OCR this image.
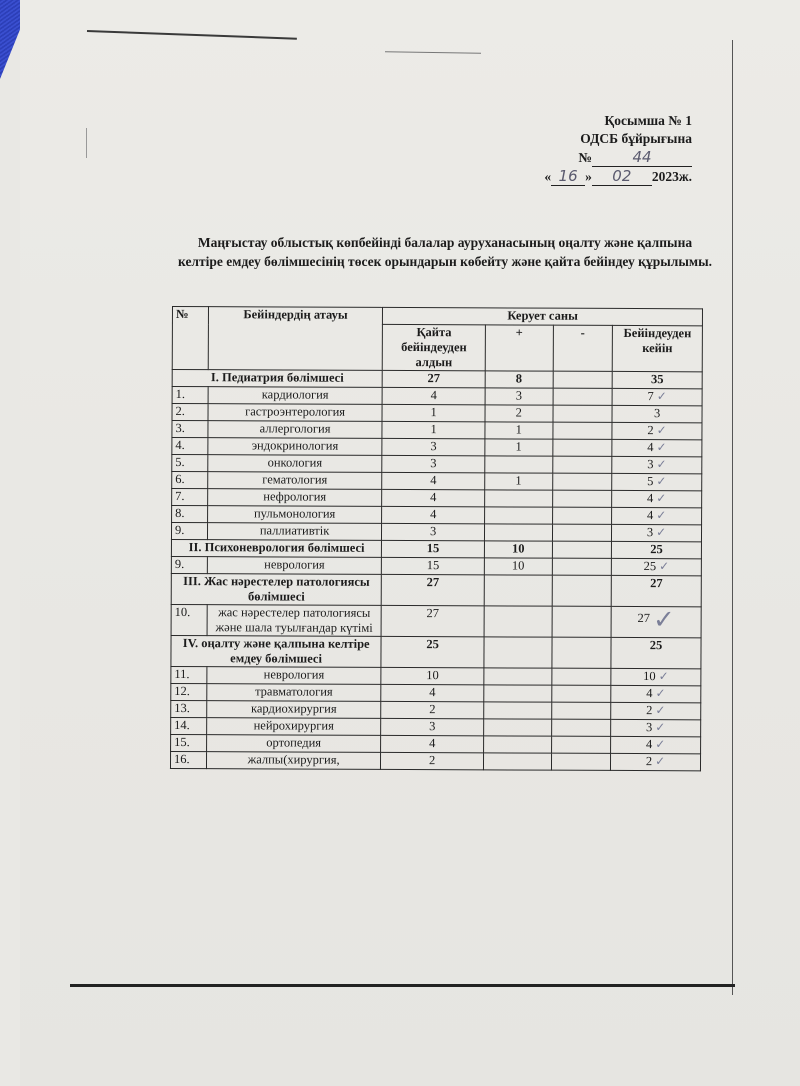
Қосымша № 1
ОДСБ бұйрығына
№	44
« 16 » 02 2023ж.
Маңғыстау облыстық көпбейінді балалар ауруханасының оңалту және қалпына келтіре емдеу бөлімшесінің төсек орындарын көбейту және қайта бейіндеу құрылымы.
№	Бейіндердің атауы	Керует саны			
		Қайта бейіндеуден алдын	+	-	Бейіндеуден кейін
I. Педиатрия бөлімшесі		27	8		35
1.	кардиология	4	3		7 ✓
2.	гастроэнтерология	1	2		3
3.	аллергология	1	1		2 ✓
4.	эндокринология	3	1		4 ✓
5.	онкология	3			3 ✓
6.	гематология	4	1		5 ✓
7.	нефрология	4			4 ✓
8.	пульмонология	4			4 ✓
9.	паллиативтік	3			3 ✓
II. Психоневрология бөлімшесі		15	10		25
9.	неврология	15	10		25 ✓
III. Жас нәрестелер патологиясы бөлімшесі		27			27
10.	жас нәрестелер патологиясы және шала туылғандар күтімі	27			27 ✓
IV. оңалту және қалпына келтіре емдеу бөлімшесі		25			25
11.	неврология	10			10 ✓
12.	травматология	4			4 ✓
13.	кардиохирургия	2			2 ✓
14.	нейрохирургия	3			3 ✓
15.	ортопедия	4			4 ✓
16.	жалпы(хирургия,	2			2 ✓
